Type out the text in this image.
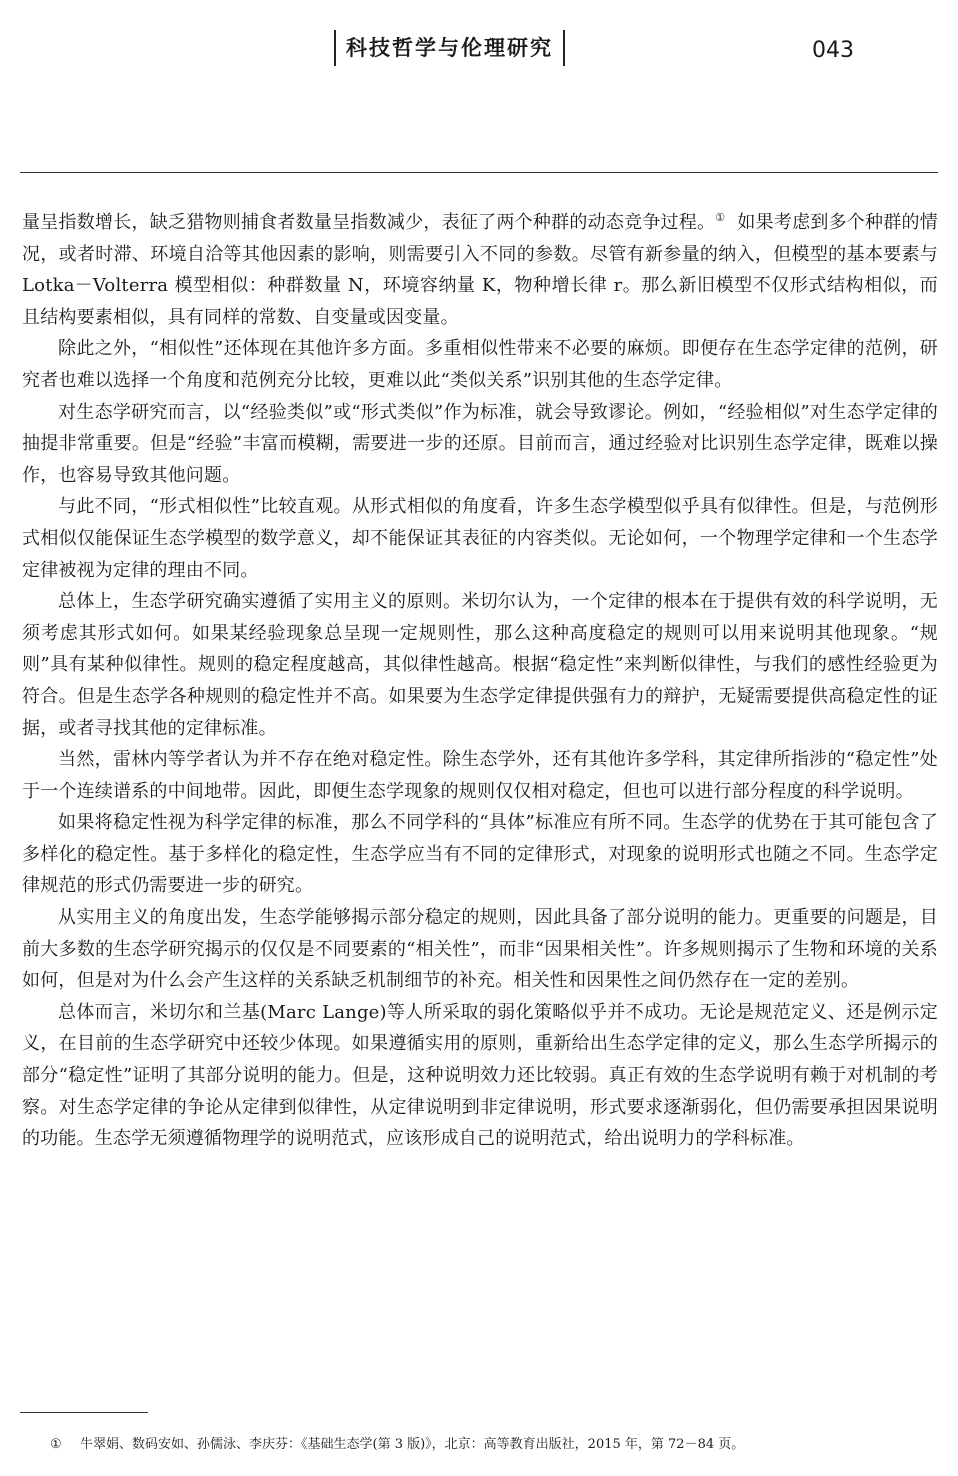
科技哲学与伦理研究	043

量呈指数增长，缺乏猎物则捕食者数量呈指数减少，表征了两个种群的动态竞争过程。① 如果考虑到多个种群的情况，或者时滞、环境自洽等其他因素的影响，则需要引入不同的参数。尽管有新参量的纳入，但模型的基本要素与 Lotka－Volterra 模型相似：种群数量 N，环境容纳量 K，物种增长律 r。那么新旧模型不仅形式结构相似，而且结构要素相似，具有同样的常数、自变量或因变量。

除此之外，“相似性”还体现在其他许多方面。多重相似性带来不必要的麻烦。即便存在生态学定律的范例，研究者也难以选择一个角度和范例充分比较，更难以此“类似关系”识别其他的生态学定律。

对生态学研究而言，以“经验类似”或“形式类似”作为标准，就会导致谬论。例如，“经验相似”对生态学定律的抽提非常重要。但是“经验”丰富而模糊，需要进一步的还原。目前而言，通过经验对比识别生态学定律，既难以操作，也容易导致其他问题。

与此不同，“形式相似性”比较直观。从形式相似的角度看，许多生态学模型似乎具有似律性。但是，与范例形式相似仅能保证生态学模型的数学意义，却不能保证其表征的内容类似。无论如何，一个物理学定律和一个生态学定律被视为定律的理由不同。

总体上，生态学研究确实遵循了实用主义的原则。米切尔认为，一个定律的根本在于提供有效的科学说明，无须考虑其形式如何。如果某经验现象总呈现一定规则性，那么这种高度稳定的规则可以用来说明其他现象。“规则”具有某种似律性。规则的稳定程度越高，其似律性越高。根据“稳定性”来判断似律性，与我们的感性经验更为符合。但是生态学各种规则的稳定性并不高。如果要为生态学定律提供强有力的辩护，无疑需要提供高稳定性的证据，或者寻找其他的定律标准。

当然，雷林内等学者认为并不存在绝对稳定性。除生态学外，还有其他许多学科，其定律所指涉的“稳定性”处于一个连续谱系的中间地带。因此，即便生态学现象的规则仅仅相对稳定，但也可以进行部分程度的科学说明。

如果将稳定性视为科学定律的标准，那么不同学科的“具体”标准应有所不同。生态学的优势在于其可能包含了多样化的稳定性。基于多样化的稳定性，生态学应当有不同的定律形式，对现象的说明形式也随之不同。生态学定律规范的形式仍需要进一步的研究。

从实用主义的角度出发，生态学能够揭示部分稳定的规则，因此具备了部分说明的能力。更重要的问题是，目前大多数的生态学研究揭示的仅仅是不同要素的“相关性”，而非“因果相关性”。许多规则揭示了生物和环境的关系如何，但是对为什么会产生这样的关系缺乏机制细节的补充。相关性和因果性之间仍然存在一定的差别。

总体而言，米切尔和兰基(Marc Lange)等人所采取的弱化策略似乎并不成功。无论是规范定义、还是例示定义，在目前的生态学研究中还较少体现。如果遵循实用的原则，重新给出生态学定律的定义，那么生态学所揭示的部分“稳定性”证明了其部分说明的能力。但是，这种说明效力还比较弱。真正有效的生态学说明有赖于对机制的考察。对生态学定律的争论从定律到似律性，从定律说明到非定律说明，形式要求逐渐弱化，但仍需要承担因果说明的功能。生态学无须遵循物理学的说明范式，应该形成自己的说明范式，给出说明力的学科标准。

① 牛翠娟、数码安如、孙儒泳、李庆芬：《基础生态学(第 3 版)》，北京：高等教育出版社，2015 年，第 72－84 页。
